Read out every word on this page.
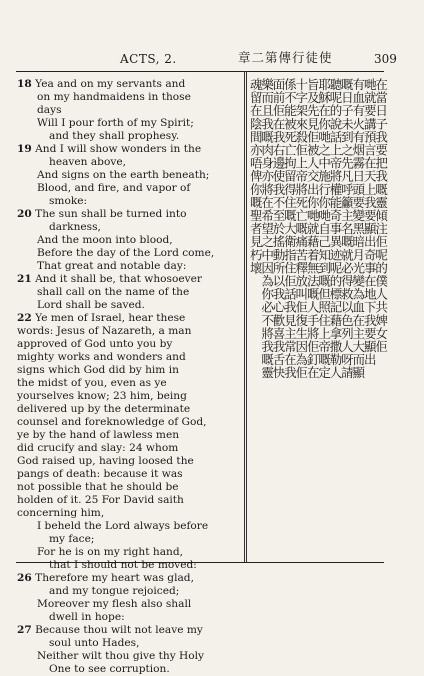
ACTS, 2.	章二第傳行徒使	309
18 Yea and on my servants and
on my handmaidens in those
days
Will I pour forth of my Spirit;
and they shall prophesy.
19 And I will show wonders in the
heaven above,
And signs on the earth beneath;
Blood, and fire, and vapor of
smoke:
20 The sun shall be turned into
darkness,
And the moon into blood,
Before the day of the Lord come,
That great and notable day:
21 And it shall be, that whosoever
shall call on the name of the
Lord shall be saved.
22 Ye men of Israel, hear these
words: Jesus of Nazareth, a man
approved of God unto you by
mighty works and wonders and
signs which God did by him in
the midst of you, even as ye
yourselves know; 23 him, being
delivered up by the determinate
counsel and foreknowledge of God,
ye by the hand of lawless men
did crucify and slay: 24 whom
God raised up, having loosed the
pangs of death: because it was
not possible that he should be
holden of it. 25 For David saith
concerning him,
I beheld the Lord always before
my face;
For he is on my right hand,
that I should not be moved:
26 Therefore my heart was glad,
and my tongue rejoiced;
Moreover my flesh also shall
dwell in hope:
27 Because thou wilt not leave my
soul unto Hades,
Neither wilt thou give thy Holy
One to see corruption.
在當日子我要把我嘅靈傾注佢呢的僕人共婢女佢
哋就要講預言在天上我要顯出奇事在地下我要顯出
有血有火有烟霧日頭要變黑暗月光變為血在主大而顯
嘅日子未到之先凡呼籲主名嘅就必得救以色列人呀請
聽呢的說話上帝將權能奇事異迹呢的標記藉拿撒勒人
耶穌在你哋之中施行你哋自己知到嘅但照住上帝嘅定
旨及先見佢被人交出你哋就藉着無法嘅人手將佢釘在
十字架來殺佢上帝將死亡嘅痛苦釋放叫佢復生因為佢
係不能被死亡拘留得住嘅大衛指住佢話我見主常在我
面前佢在我右邊使我不至於搖動所以我心歡喜我舌快
樂而且我嘅肉身亦將在希望之中因為你必不將我嘅靈
魂留在陰間亦唔俾你嘅聖者見朽壞
